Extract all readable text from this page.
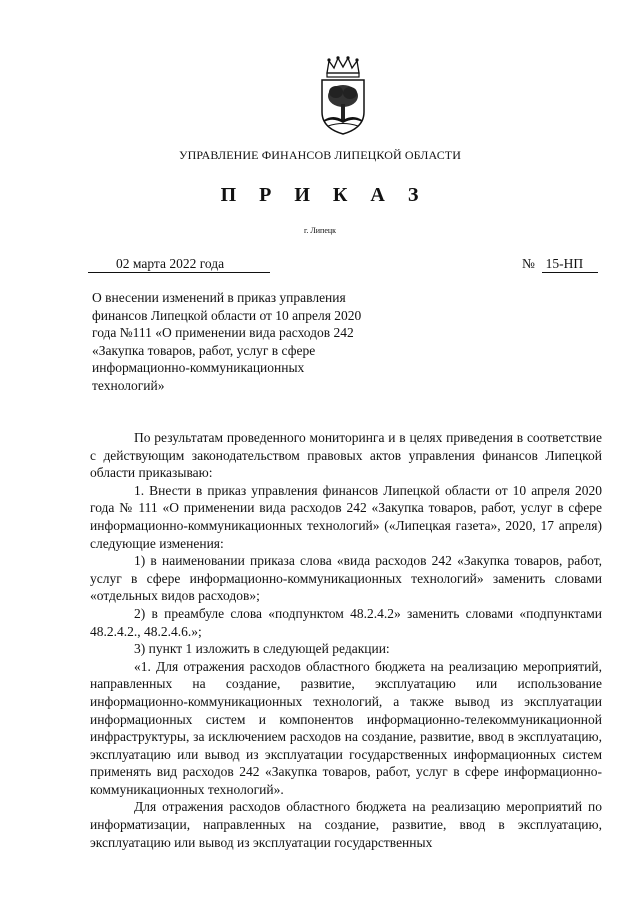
УПРАВЛЕНИЕ ФИНАНСОВ ЛИПЕЦКОЙ ОБЛАСТИ
П Р И К А З
г. Липецк
02 марта 2022 года	№ 15-НП
О внесении изменений в приказ управления финансов Липецкой области от 10 апреля 2020 года №111 «О применении вида расходов 242 «Закупка товаров, работ, услуг в сфере информационно-коммуникационных технологий»

По результатам проведенного мониторинга и в целях приведения в соответствие с действующим законодательством правовых актов управления финансов Липецкой области приказываю:

1. Внести в приказ управления финансов Липецкой области от 10 апреля 2020 года № 111 «О применении вида расходов 242 «Закупка товаров, работ, услуг в сфере информационно-коммуникационных технологий» («Липецкая газета», 2020, 17 апреля) следующие изменения:

1) в наименовании приказа слова «вида расходов 242 «Закупка товаров, работ, услуг в сфере информационно-коммуникационных технологий» заменить словами «отдельных видов расходов»;

2) в преамбуле слова «подпунктом 48.2.4.2» заменить словами «подпунктами 48.2.4.2., 48.2.4.6.»;

3) пункт 1 изложить в следующей редакции:

«1. Для отражения расходов областного бюджета на реализацию мероприятий, направленных на создание, развитие, эксплуатацию или использование информационно-коммуникационных технологий, а также вывод из эксплуатации информационных систем и компонентов информационно-телекоммуникационной инфраструктуры, за исключением расходов на создание, развитие, ввод в эксплуатацию, эксплуатацию или вывод из эксплуатации государственных информационных систем применять вид расходов 242 «Закупка товаров, работ, услуг в сфере информационно-коммуникационных технологий».

Для отражения расходов областного бюджета на реализацию мероприятий по информатизации, направленных на создание, развитие, ввод в эксплуатацию, эксплуатацию или вывод из эксплуатации государственных
